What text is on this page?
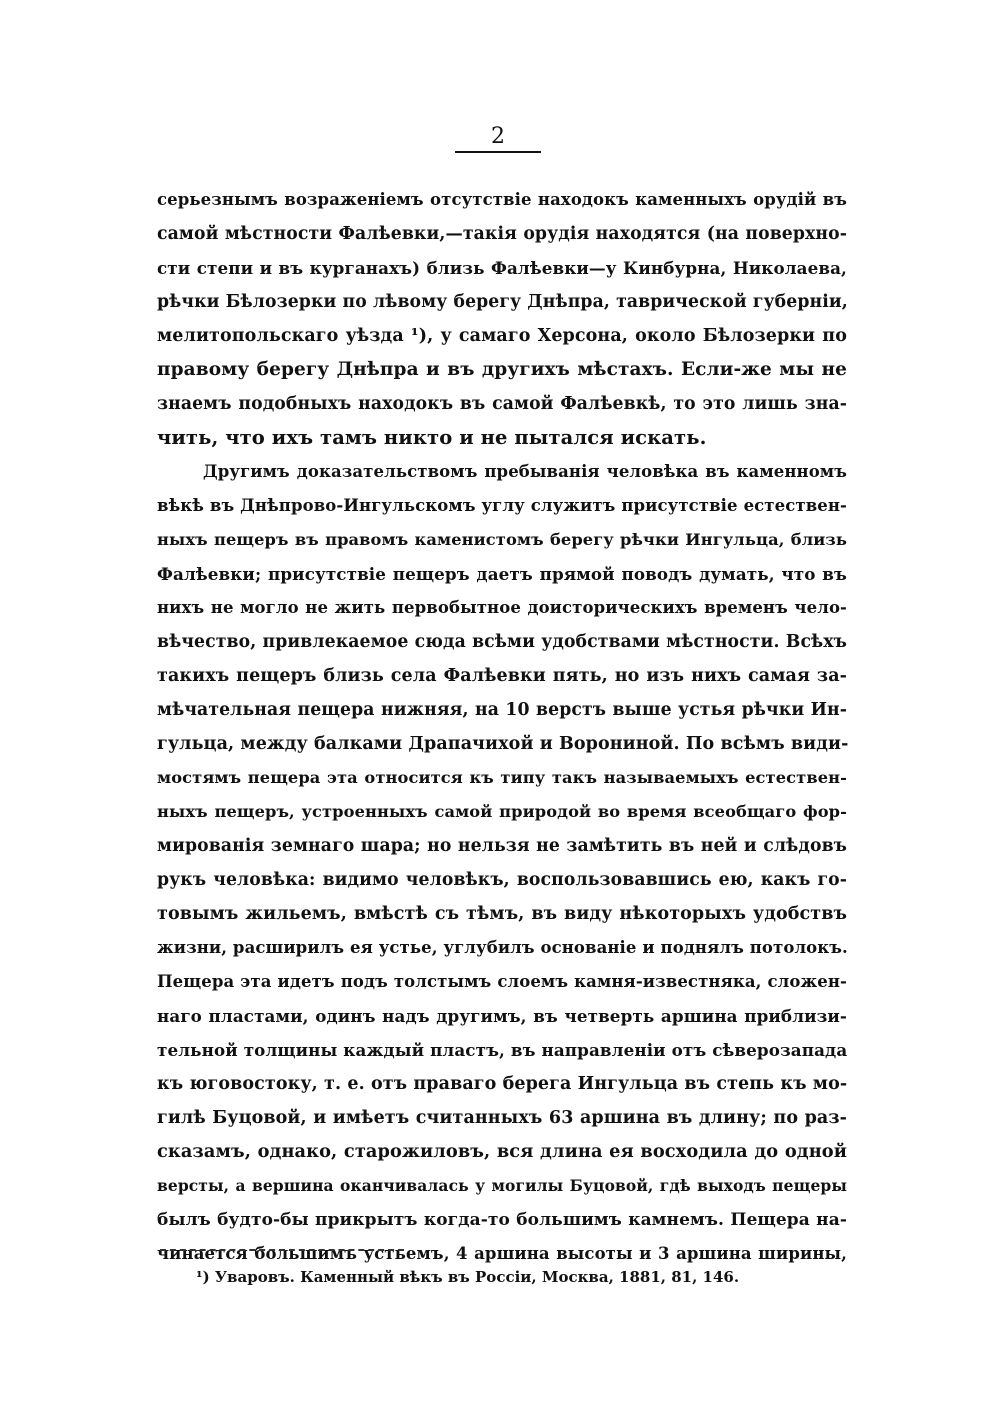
2
серьезнымъ возраженіемъ отсутствіе находокъ каменныхъ орудій въ
самой мѣстности Фалѣевки,—такія орудія находятся (на поверхно-
сти степи и въ курганахъ) близь Фалѣевки—у Кинбурна, Николаева,
рѣчки Бѣлозерки по лѣвому берегу Днѣпра, таврической губерніи,
мелитопольскаго уѣзда ¹), у самаго Херсона, около Бѣлозерки по
правому берегу Днѣпра и въ другихъ мѣстахъ. Если-же мы не
знаемъ подобныхъ находокъ въ самой Фалѣевкѣ, то это лишь зна-
чить, что ихъ тамъ никто и не пытался искать.
Другимъ доказательствомъ пребыванія человѣка въ каменномъ
вѣкѣ въ Днѣпрово-Ингульскомъ углу служитъ присутствіе естествен-
ныхъ пещеръ въ правомъ каменистомъ берегу рѣчки Ингульца, близь
Фалѣевки; присутствіе пещеръ даетъ прямой поводъ думать, что въ
нихъ не могло не жить первобытное доисторическихъ временъ чело-
вѣчество, привлекаемое сюда всѣми удобствами мѣстности. Всѣхъ
такихъ пещеръ близь села Фалѣевки пять, но изъ нихъ самая за-
мѣчательная пещера нижняя, на 10 верстъ выше устья рѣчки Ин-
гульца, между балками Драпачихой и Ворониной. По всѣмъ види-
мостямъ пещера эта относится къ типу такъ называемыхъ естествен-
ныхъ пещеръ, устроенныхъ самой природой во время всеобщаго фор-
мированія земнаго шара; но нельзя не замѣтить въ ней и слѣдовъ
рукъ человѣка: видимо человѣкъ, воспользовавшись ею, какъ го-
товымъ жильемъ, вмѣстѣ съ тѣмъ, въ виду нѣкоторыхъ удобствъ
жизни, расширилъ ея устье, углубилъ основаніе и поднялъ потолокъ.
Пещера эта идетъ подъ толстымъ слоемъ камня-известняка, сложен-
наго пластами, одинъ надъ другимъ, въ четверть аршина приблизи-
тельной толщины каждый пластъ, въ направленіи отъ сѣверозапада
къ юговостоку, т. е. отъ праваго берега Ингульца въ степь къ мо-
гилѣ Буцовой, и имѣетъ считанныхъ 63 аршина въ длину; по раз-
сказамъ, однако, старожиловъ, вся длина ея восходила до одной
версты, а вершина оканчивалась у могилы Буцовой, гдѣ выходъ пещеры
былъ будто-бы прикрытъ когда-то большимъ камнемъ. Пещера на-
чинается большимъ устьемъ, 4 аршина высоты и 3 аршина ширины,
¹) Уваровъ. Каменный вѣкъ въ Россіи, Москва, 1881, 81, 146.
